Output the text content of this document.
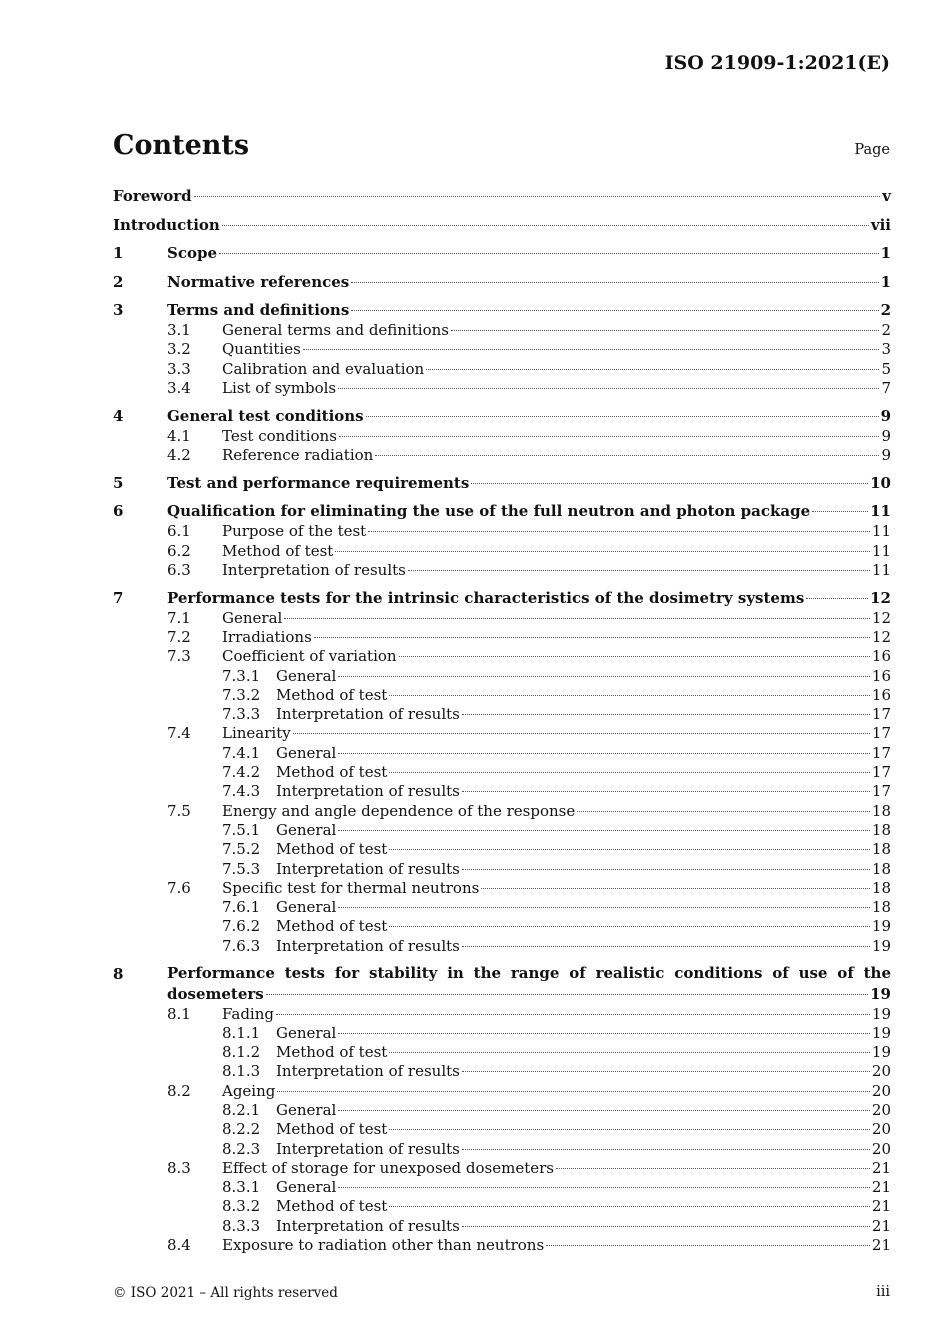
ISO 21909-1:2021(E)
Contents	Page
Foreword	v
Introduction	vii
1	Scope	1
2	Normative references	1
3	Terms and definitions	2
3.1 General terms and definitions	2
3.2 Quantities	3
3.3 Calibration and evaluation	5
3.4 List of symbols	7
4	General test conditions	9
4.1 Test conditions	9
4.2 Reference radiation	9
5	Test and performance requirements	10
6	Qualification for eliminating the use of the full neutron and photon package	11
6.1 Purpose of the test	11
6.2 Method of test	11
6.3 Interpretation of results	11
7	Performance tests for the intrinsic characteristics of the dosimetry systems	12
7.1 General	12
7.2 Irradiations	12
7.3 Coefficient of variation	16
7.3.1 General	16
7.3.2 Method of test	16
7.3.3 Interpretation of results	17
7.4 Linearity	17
7.4.1 General	17
7.4.2 Method of test	17
7.4.3 Interpretation of results	17
7.5 Energy and angle dependence of the response	18
7.5.1 General	18
7.5.2 Method of test	18
7.5.3 Interpretation of results	18
7.6 Specific test for thermal neutrons	18
7.6.1 General	18
7.6.2 Method of test	19
7.6.3 Interpretation of results	19
8	Performance tests for stability in the range of realistic conditions of use of the
dosemeters	19
8.1 Fading	19
8.1.1 General	19
8.1.2 Method of test	19
8.1.3 Interpretation of results	20
8.2 Ageing	20
8.2.1 General	20
8.2.2 Method of test	20
8.2.3 Interpretation of results	20
8.3 Effect of storage for unexposed dosemeters	21
8.3.1 General	21
8.3.2 Method of test	21
8.3.3 Interpretation of results	21
8.4 Exposure to radiation other than neutrons	21
© ISO 2021 – All rights reserved	iii
